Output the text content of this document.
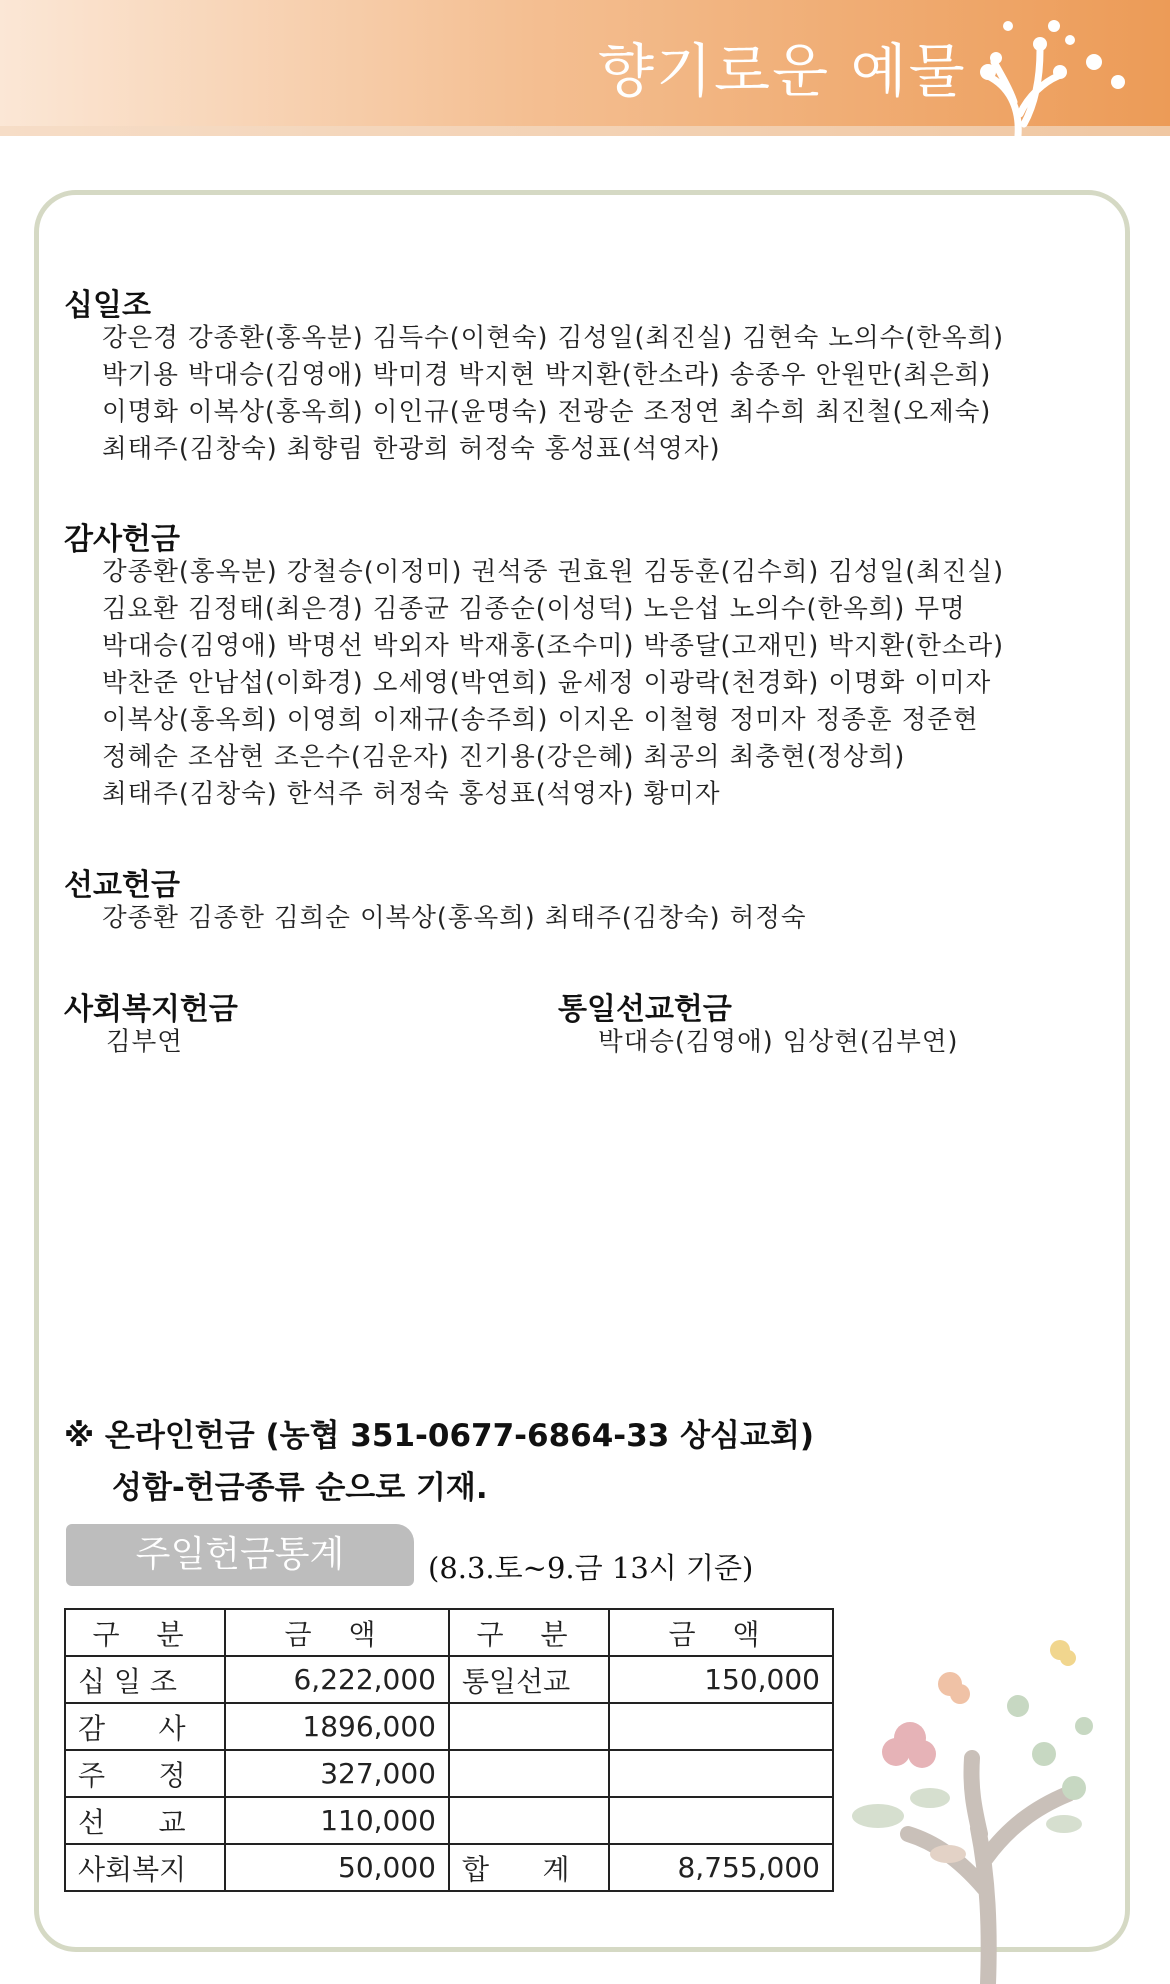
향기로운 예물
십일조
강은경 강종환(홍옥분) 김득수(이현숙) 김성일(최진실) 김현숙 노의수(한옥희)
박기용 박대승(김영애) 박미경 박지현 박지환(한소라) 송종우 안원만(최은희)
이명화 이복상(홍옥희) 이인규(윤명숙) 전광순 조정연 최수희 최진철(오제숙)
최태주(김창숙) 최향림 한광희 허정숙 홍성표(석영자)
감사헌금
강종환(홍옥분) 강철승(이정미) 권석중 권효원 김동훈(김수희) 김성일(최진실)
김요환 김정태(최은경) 김종균 김종순(이성덕) 노은섭 노의수(한옥희) 무명
박대승(김영애) 박명선 박외자 박재홍(조수미) 박종달(고재민) 박지환(한소라)
박찬준 안남섭(이화경) 오세영(박연희) 윤세정 이광락(천경화) 이명화 이미자
이복상(홍옥희) 이영희 이재규(송주희) 이지온 이철형 정미자 정종훈 정준현
정혜순 조삼현 조은수(김운자) 진기용(강은혜) 최공의 최충현(정상희)
최태주(김창숙) 한석주 허정숙 홍성표(석영자) 황미자
선교헌금
강종환 김종한 김희순 이복상(홍옥희) 최태주(김창숙) 허정숙
사회복지헌금
김부연
통일선교헌금
박대승(김영애) 임상현(김부연)
※ 온라인헌금 (농협 351-0677-6864-33 상심교회)
성함-헌금종류 순으로 기재.
주일헌금통계	(8.3.토~9.금 13시 기준)
구 분	금 액	구 분	금 액
십 일 조	6,222,000	통일선교	150,000
감      사	1896,000		
주      정	327,000		
선      교	110,000		
사회복지	50,000	합      계	8,755,000
